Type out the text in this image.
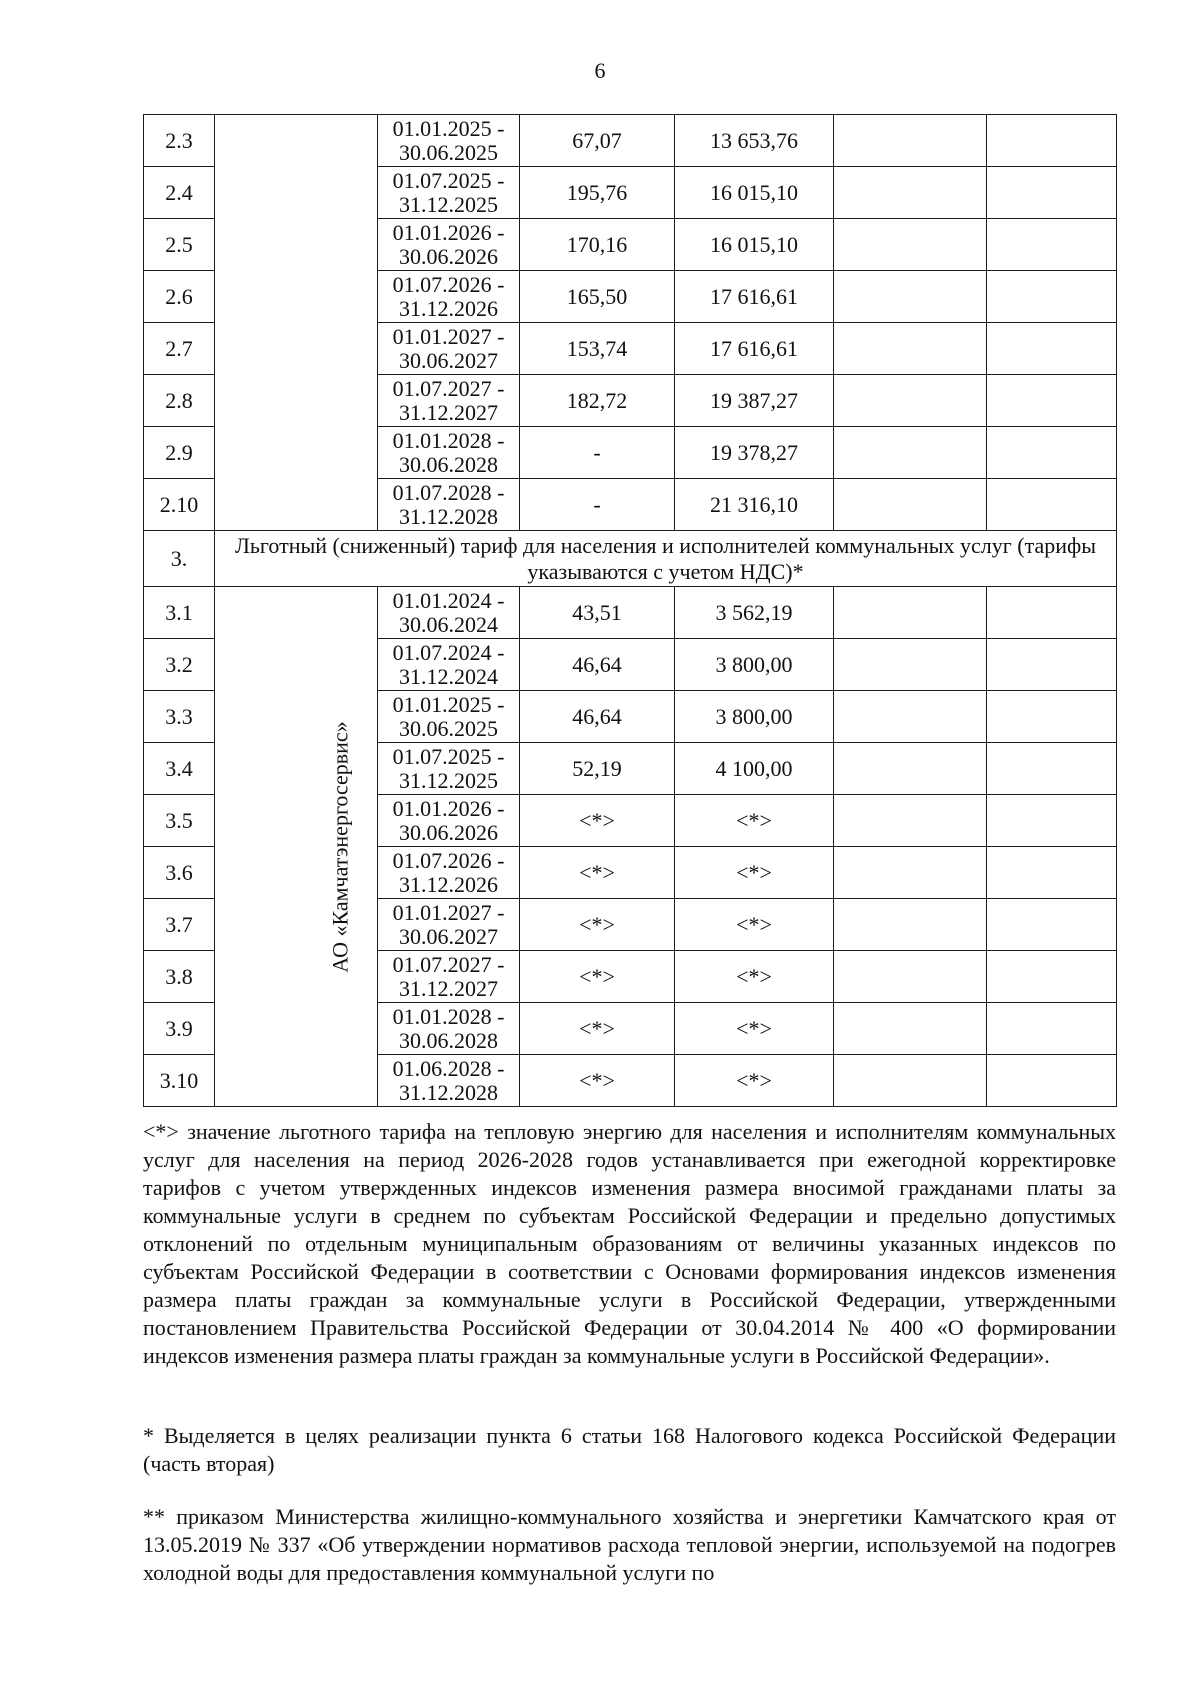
6
2.3		01.01.2025 -
30.06.2025	67,07	13 653,76		
2.4		01.07.2025 -
31.12.2025	195,76	16 015,10		
2.5		01.01.2026 -
30.06.2026	170,16	16 015,10		
2.6		01.07.2026 -
31.12.2026	165,50	17 616,61		
2.7		01.01.2027 -
30.06.2027	153,74	17 616,61		
2.8		01.07.2027 -
31.12.2027	182,72	19 387,27		
2.9		01.01.2028 -
30.06.2028	-	19 378,27		
2.10		01.07.2028 -
31.12.2028	-	21 316,10		
3.	Льготный (сниженный) тариф для населения и исполнителей коммунальных услуг (тарифы указываются с учетом НДС)*					
3.1	АО «Камчатэнергосервис»	01.01.2024 -
30.06.2024	43,51	3 562,19		
3.2		01.07.2024 -
31.12.2024	46,64	3 800,00		
3.3		01.01.2025 -
30.06.2025	46,64	3 800,00		
3.4		01.07.2025 -
31.12.2025	52,19	4 100,00		
3.5		01.01.2026 -
30.06.2026	<*>	<*>		
3.6		01.07.2026 -
31.12.2026	<*>	<*>		
3.7		01.01.2027 -
30.06.2027	<*>	<*>		
3.8		01.07.2027 -
31.12.2027	<*>	<*>		
3.9		01.01.2028 -
30.06.2028	<*>	<*>		
3.10		01.06.2028 -
31.12.2028	<*>	<*>		

<*> значение льготного тарифа на тепловую энергию для населения и исполнителям коммунальных услуг для населения на период 2026-2028 годов устанавливается при ежегодной корректировке тарифов с учетом утвержденных индексов изменения размера вносимой гражданами платы за коммунальные услуги в среднем по субъектам Российской Федерации и предельно допустимых отклонений по отдельным муниципальным образованиям от величины указанных индексов по субъектам Российской Федерации в соответствии с Основами формирования индексов изменения размера платы граждан за коммунальные услуги в Российской Федерации, утвержденными постановлением Правительства Российской Федерации от 30.04.2014 № 400 «О формировании индексов изменения размера платы граждан за коммунальные услуги в Российской Федерации».

* Выделяется в целях реализации пункта 6 статьи 168 Налогового кодекса Российской Федерации (часть вторая)

** приказом Министерства жилищно-коммунального хозяйства и энергетики Камчатского края от 13.05.2019 № 337 «Об утверждении нормативов расхода тепловой энергии, используемой на подогрев холодной воды для предоставления коммунальной услуги по
